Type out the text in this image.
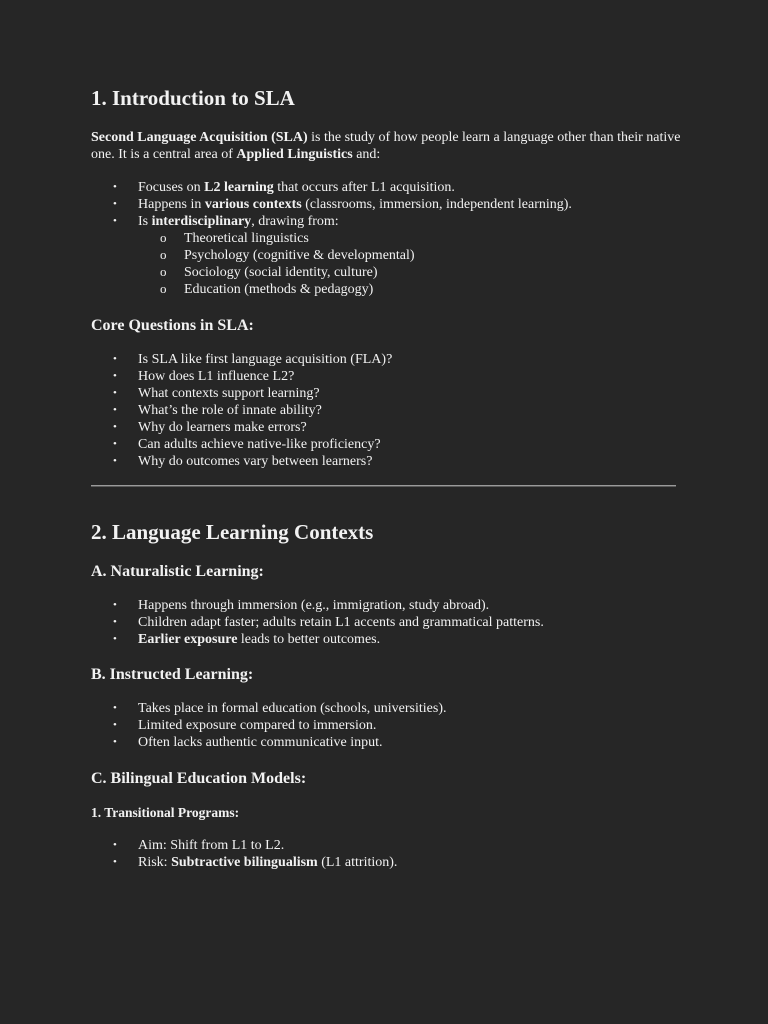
1. Introduction to SLA

Second Language Acquisition (SLA) is the study of how people learn a language other than their native one. It is a central area of Applied Linguistics and:

• Focuses on L2 learning that occurs after L1 acquisition.
• Happens in various contexts (classrooms, immersion, independent learning).
• Is interdisciplinary, drawing from:
o Theoretical linguistics
o Psychology (cognitive & developmental)
o Sociology (social identity, culture)
o Education (methods & pedagogy)
Core Questions in SLA:
• Is SLA like first language acquisition (FLA)?
• How does L1 influence L2?
• What contexts support learning?
• What’s the role of innate ability?
• Why do learners make errors?
• Can adults achieve native-like proficiency?
• Why do outcomes vary between learners?
2. Language Learning Contexts
A. Naturalistic Learning:
• Happens through immersion (e.g., immigration, study abroad).
• Children adapt faster; adults retain L1 accents and grammatical patterns.
• Earlier exposure leads to better outcomes.
B. Instructed Learning:
• Takes place in formal education (schools, universities).
• Limited exposure compared to immersion.
• Often lacks authentic communicative input.
C. Bilingual Education Models:
1. Transitional Programs:
• Aim: Shift from L1 to L2.
• Risk: Subtractive bilingualism (L1 attrition).
